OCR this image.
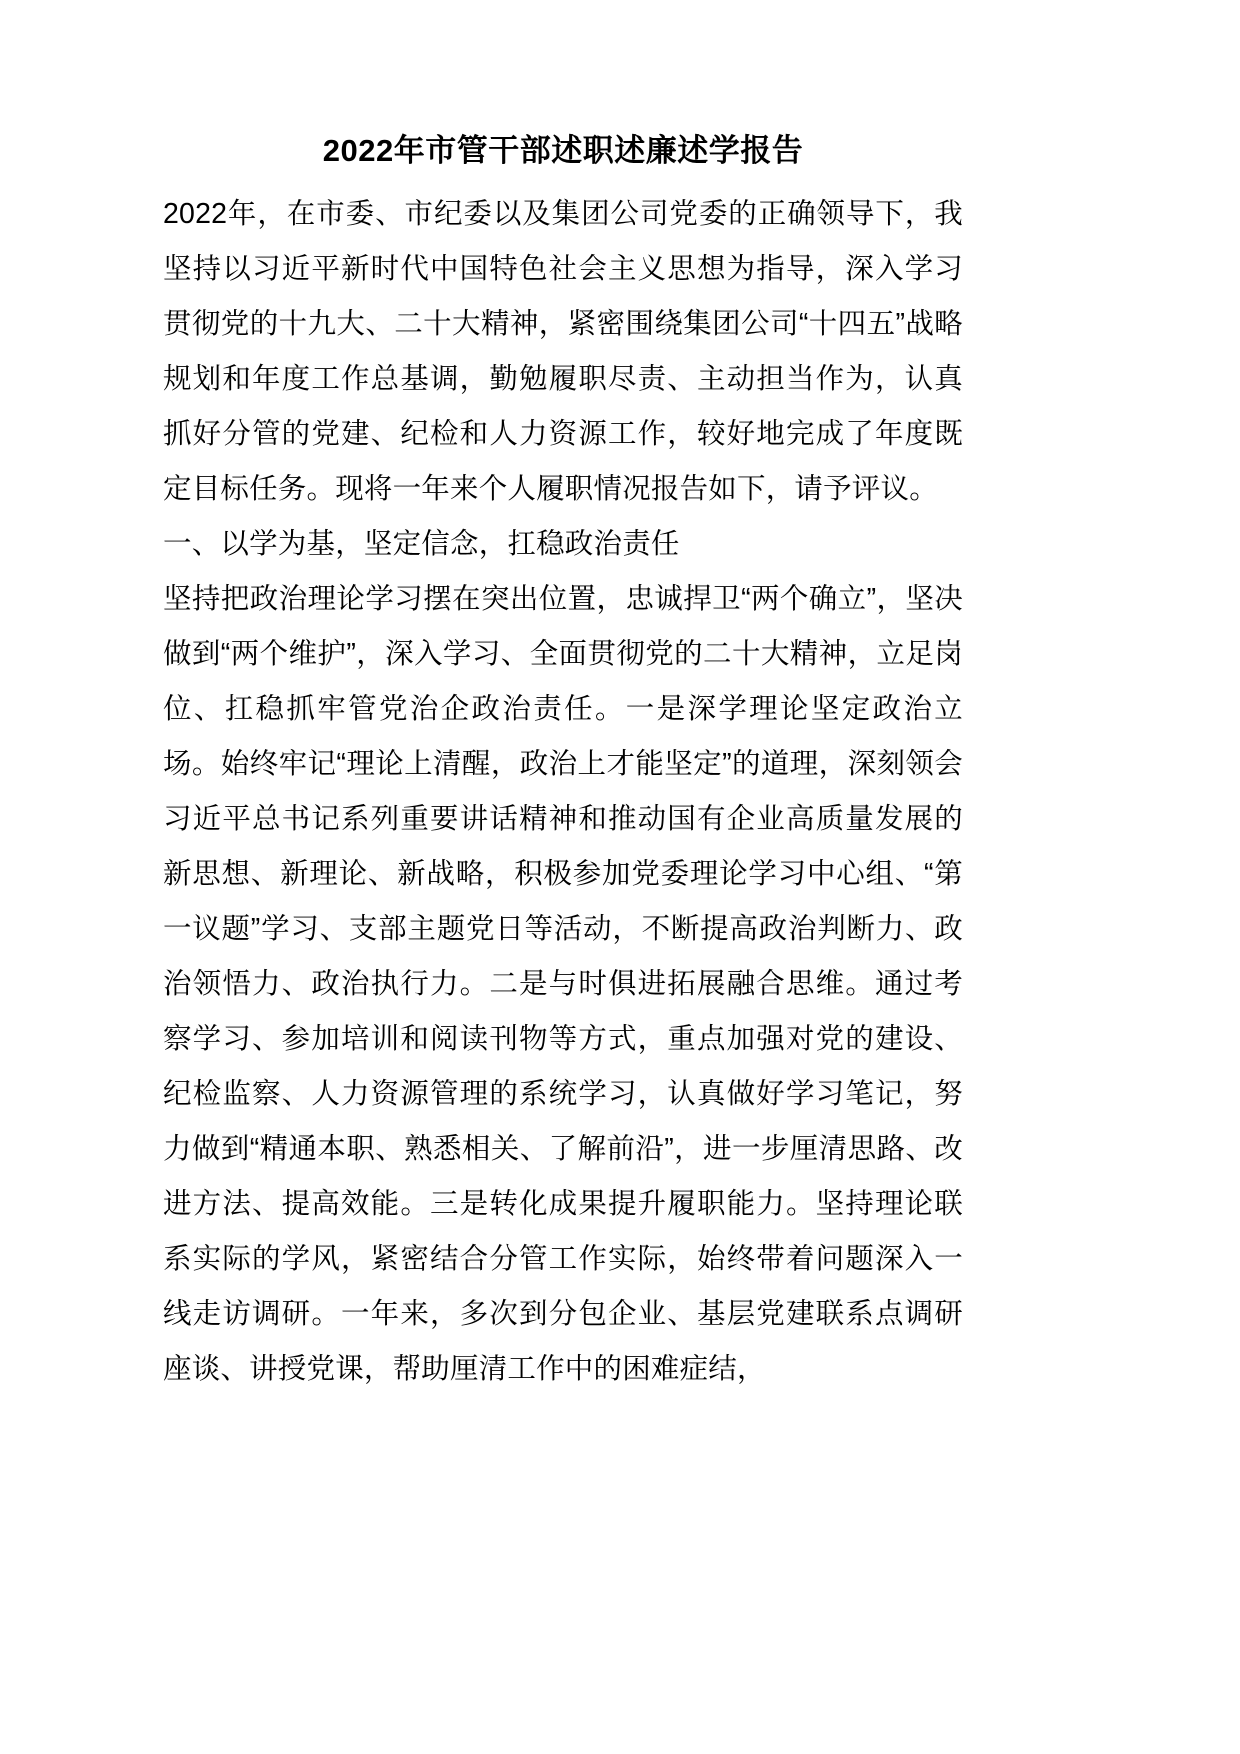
2022年市管干部述职述廉述学报告

2022年，在市委、市纪委以及集团公司党委的正确领导下，我坚持以习近平新时代中国特色社会主义思想为指导，深入学习贯彻党的十九大、二十大精神，紧密围绕集团公司“十四五”战略规划和年度工作总基调，勤勉履职尽责、主动担当作为，认真抓好分管的党建、纪检和人力资源工作，较好地完成了年度既定目标任务。现将一年来个人履职情况报告如下，请予评议。

一、以学为基，坚定信念，扛稳政治责任

坚持把政治理论学习摆在突出位置，忠诚捍卫“两个确立”，坚决做到“两个维护”，深入学习、全面贯彻党的二十大精神，立足岗位、扛稳抓牢管党治企政治责任。一是深学理论坚定政治立场。始终牢记“理论上清醒，政治上才能坚定”的道理，深刻领会习近平总书记系列重要讲话精神和推动国有企业高质量发展的新思想、新理论、新战略，积极参加党委理论学习中心组、“第一议题”学习、支部主题党日等活动，不断提高政治判断力、政治领悟力、政治执行力。二是与时俱进拓展融合思维。通过考察学习、参加培训和阅读刊物等方式，重点加强对党的建设、纪检监察、人力资源管理的系统学习，认真做好学习笔记，努力做到“精通本职、熟悉相关、了解前沿”，进一步厘清思路、改进方法、提高效能。三是转化成果提升履职能力。坚持理论联系实际的学风，紧密结合分管工作实际，始终带着问题深入一线走访调研。一年来，多次到分包企业、基层党建联系点调研座谈、讲授党课，帮助厘清工作中的困难症结，
